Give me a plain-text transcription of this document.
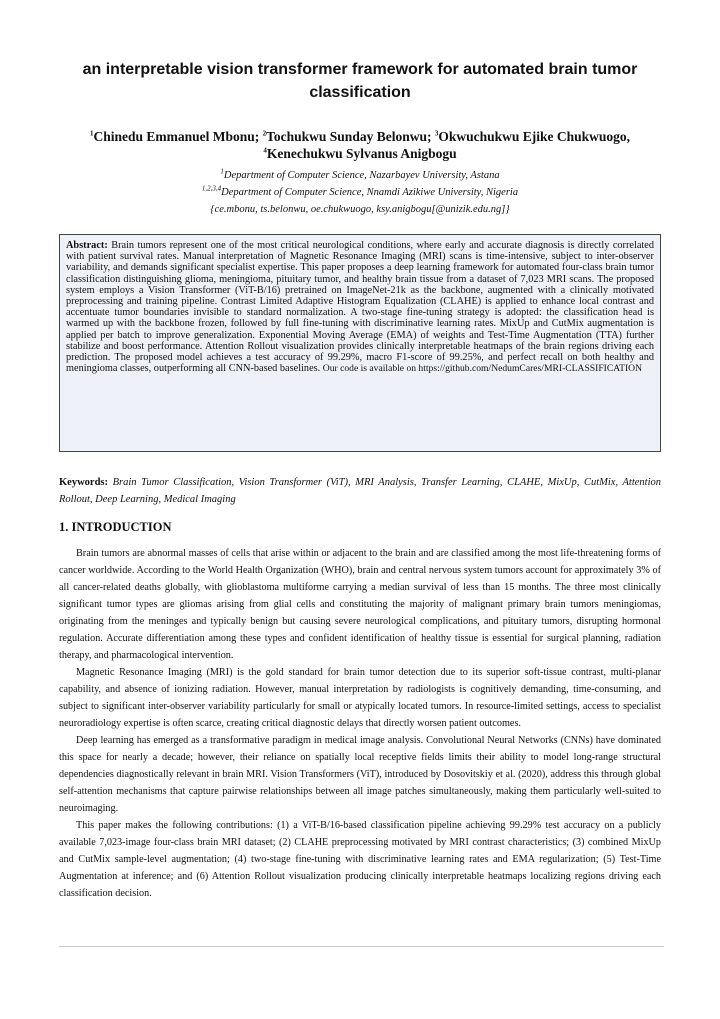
an interpretable vision transformer framework for automated brain tumor classification
$^1$Chinedu Emmanuel Mbonu; $^2$Tochukwu Sunday Belonwu; $^3$Okwuchukwu Ejike Chukwuogo,
$^4$Kenechukwu Sylvanus Anigbogu
$^1$Department of Computer Science, Nazarbayev University, Astana
$^{1,2,3,4}$Department of Computer Science, Nnamdi Azikiwe University, Nigeria
{ce.mbonu, ts.belonwu, oe.chukwuogo, ksy.anigbogu[@unizik.edu.ng]}
Abstract: Brain tumors represent one of the most critical neurological conditions, where early and accurate diagnosis is directly correlated with patient survival rates. Manual interpretation of Magnetic Resonance Imaging (MRI) scans is time-intensive, subject to inter-observer variability, and demands significant specialist expertise. This paper proposes a deep learning framework for automated four-class brain tumor classification distinguishing glioma, meningioma, pituitary tumor, and healthy brain tissue from a dataset of 7,023 MRI scans. The proposed system employs a Vision Transformer (ViT-B/16) pretrained on ImageNet-21k as the backbone, augmented with a clinically motivated preprocessing and training pipeline. Contrast Limited Adaptive Histogram Equalization (CLAHE) is applied to enhance local contrast and accentuate tumor boundaries invisible to standard normalization. A two-stage fine-tuning strategy is adopted: the classification head is warmed up with the backbone frozen, followed by full fine-tuning with discriminative learning rates. MixUp and CutMix augmentation is applied per batch to improve generalization. Exponential Moving Average (EMA) of weights and Test-Time Augmentation (TTA) further stabilize and boost performance. Attention Rollout visualization provides clinically interpretable heatmaps of the brain regions driving each prediction. The proposed model achieves a test accuracy of 99.29%, macro F1-score of 99.25%, and perfect recall on both healthy and meningioma classes, outperforming all CNN-based baselines. Our code is available on https://github.com/NedumCares/MRI-CLASSIFICATION
Keywords: Brain Tumor Classification, Vision Transformer (ViT), MRI Analysis, Transfer Learning, CLAHE, MixUp, CutMix, Attention Rollout, Deep Learning, Medical Imaging
1. INTRODUCTION

Brain tumors are abnormal masses of cells that arise within or adjacent to the brain and are classified among the most life-threatening forms of cancer worldwide. According to the World Health Organization (WHO), brain and central nervous system tumors account for approximately 3% of all cancer-related deaths globally, with glioblastoma multiforme carrying a median survival of less than 15 months. The three most clinically significant tumor types are gliomas arising from glial cells and constituting the majority of malignant primary brain tumors meningiomas, originating from the meninges and typically benign but causing severe neurological complications, and pituitary tumors, disrupting hormonal regulation. Accurate differentiation among these types and confident identification of healthy tissue is essential for surgical planning, radiation therapy, and pharmacological intervention.

Magnetic Resonance Imaging (MRI) is the gold standard for brain tumor detection due to its superior soft-tissue contrast, multi-planar capability, and absence of ionizing radiation. However, manual interpretation by radiologists is cognitively demanding, time-consuming, and subject to significant inter-observer variability particularly for small or atypically located tumors. In resource-limited settings, access to specialist neuroradiology expertise is often scarce, creating critical diagnostic delays that directly worsen patient outcomes.

Deep learning has emerged as a transformative paradigm in medical image analysis. Convolutional Neural Networks (CNNs) have dominated this space for nearly a decade; however, their reliance on spatially local receptive fields limits their ability to model long-range structural dependencies diagnostically relevant in brain MRI. Vision Transformers (ViT), introduced by Dosovitskiy et al. (2020), address this through global self-attention mechanisms that capture pairwise relationships between all image patches simultaneously, making them particularly well-suited to neuroimaging.

This paper makes the following contributions: (1) a ViT-B/16-based classification pipeline achieving 99.29% test accuracy on a publicly available 7,023-image four-class brain MRI dataset; (2) CLAHE preprocessing motivated by MRI contrast characteristics; (3) combined MixUp and CutMix sample-level augmentation; (4) two-stage fine-tuning with discriminative learning rates and EMA regularization; (5) Test-Time Augmentation at inference; and (6) Attention Rollout visualization producing clinically interpretable heatmaps localizing regions driving each classification decision.
